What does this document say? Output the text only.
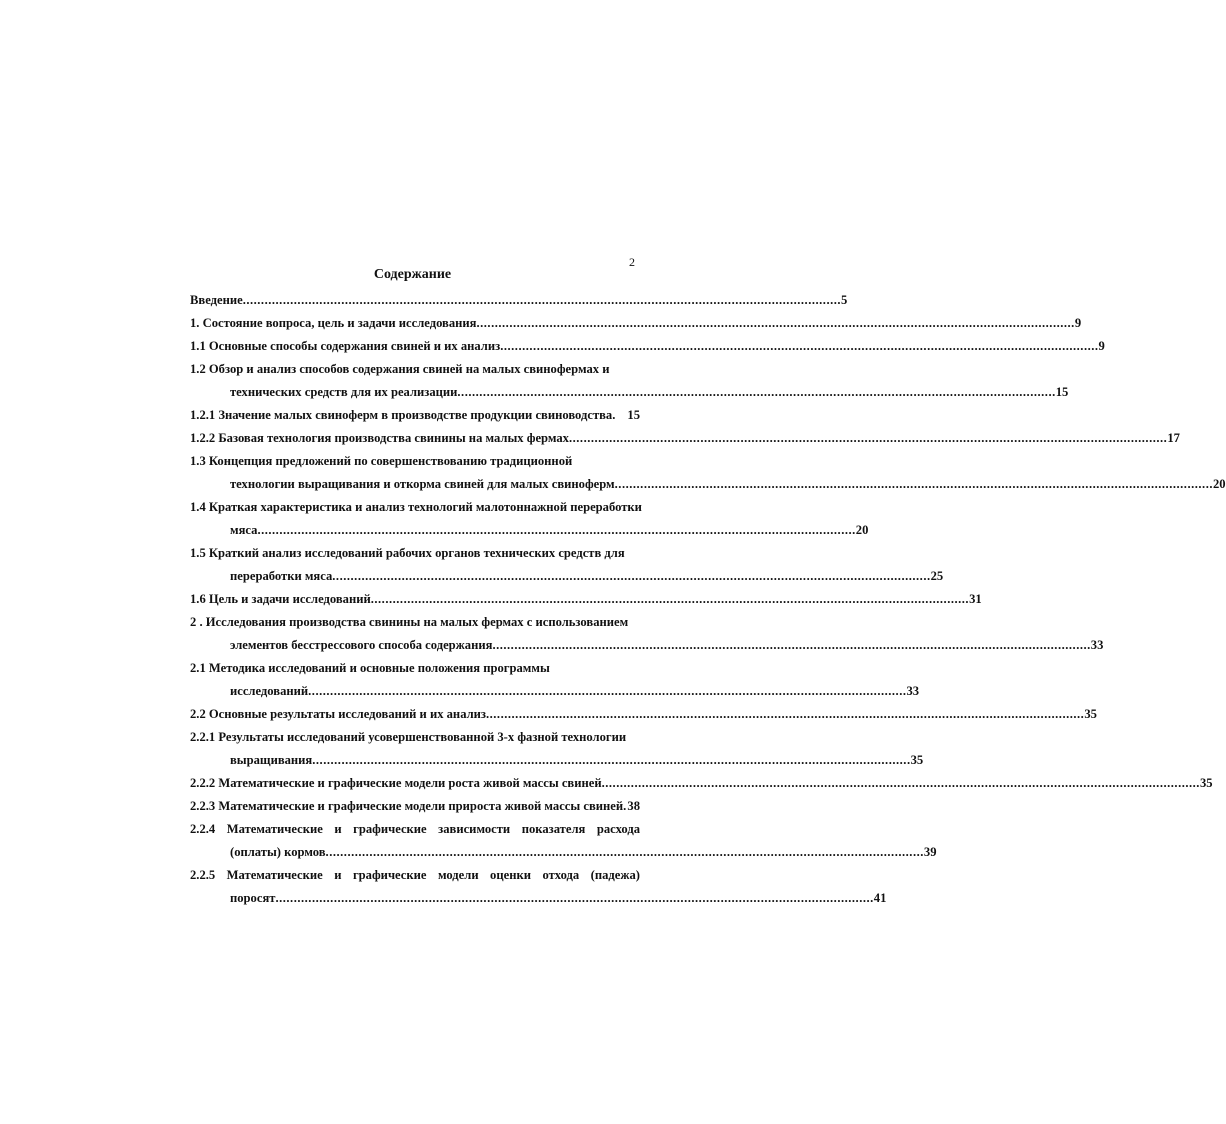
2
Содержание
Введение .................................................................................................................................................................... 5
1. Состояние вопроса, цель и задачи исследования .................................................................................................................................................................... 9
1.1 Основные способы содержания свиней и их анализ .................................................................................................................................................................... 9
1.2 Обзор и анализ способов содержания свиней на малых свинофермах и
технических средств для их реализации .................................................................................................................................................................... 15
1.2.1 Значение малых свиноферм в производстве продукции свиноводства. 15
1.2.2 Базовая технология производства свинины на малых фермах .................................................................................................................................................................... 17
1.3 Концепция предложений по совершенствованию традиционной
технологии выращивания и откорма свиней для малых свиноферм .................................................................................................................................................................... 20
1.4 Краткая характеристика и анализ технологий малотоннажной переработки
мяса .................................................................................................................................................................... 20
1.5 Краткий анализ исследований рабочих органов технических средств для
переработки мяса .................................................................................................................................................................... 25
1.6 Цель и задачи исследований .................................................................................................................................................................... 31
2 . Исследования производства свинины на малых фермах с использованием
элементов бесстрессового способа содержания .................................................................................................................................................................... 33
2.1 Методика исследований и основные положения программы
исследований .................................................................................................................................................................... 33
2.2 Основные результаты исследований и их анализ .................................................................................................................................................................... 35
2.2.1 Результаты исследований усовершенствованной 3-х фазной технологии
выращивания .................................................................................................................................................................... 35
2.2.2 Математические и графические модели роста живой массы свиней .................................................................................................................................................................... 35
2.2.3 Математические и графические модели прироста живой массы свиней. 38
2.2.4 Математические и графические зависимости показателя расхода
(оплаты) кормов .................................................................................................................................................................... 39
2.2.5 Математические и графические модели оценки отхода (падежа)
поросят .................................................................................................................................................................... 41
